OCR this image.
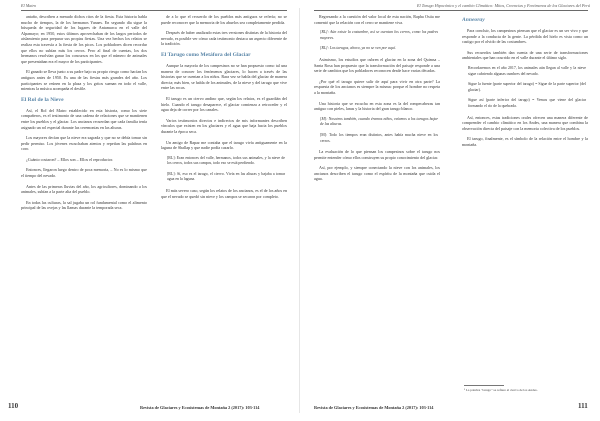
El Matro

antaño, describen a menudo dichos ritos de la fiesta. Esta historia habla mucho de tiempos, la de los hermanos Yanaes. En segundo día sigue la búsqueda de seguridad de los lugares de Antamarca en el valle del Alpamayo; en 1950, estos últimos aprovechaban de los largos periodos de aislamiento para preparar sus propias fiestas. Una vez hechos los relatos se realiza esta travesía a la fiesta de los picos. Los pobladores dicen recordar que ellos no subían más los cerros. Pero al final de cuentas, los dos hermanos resolvían ganar los concursos en los que el número de animales que presentaban era el mayor de los participantes.

El ganado se lleva junto a su padre bajo su propio riesgo como hacían los antiguos antes de 1950. Es una de las fiestas más grandes del año. Los participantes se reúnen en la plaza y los gritos suenan en todo el valle, mientras la música acompaña el desfile.

El Rol de la Nieve

Así, el Rol del Matro establecido en esta historia, como los siete compañeros, es el testimonio de una cadena de relaciones que se mantienen entre los pueblos y el glaciar. Los ancianos recuerdan que cada familia tenía asignado un rol especial durante las ceremonias en las alturas.

Los mayores decían que la nieve era sagrada y que no se debía tomar sin pedir permiso. Los jóvenes escuchaban atentos y repetían las palabras en coro.

¿Cuánto costaron? – Ellos son – Ellos el reproductor.

Entonces, llegaron luego dentro de poca memoria, – No es lo mismo que el tiempo del nevado.

Antes de las primeras lluvias del año, los agricultores, dominando a los animales, subían a la parte alta del pueblo.

En todas las culturas, la sal jugaba un rol fundamental como el alimento principal de las ovejas y las llamas durante la temporada seca.

de a lo que el recuerdo de los pueblos más antiguos se refería; no se puede reconocer que la memoria de los abuelos sea completamente perdida.

Después de haber analizado estas tres versiones distintas de la historia del nevado, es posible ver cómo cada testimonio destaca un aspecto diferente de la tradición.

El Tarugo como Metáfora del Glaciar

Aunque la mayoría de los campesinos no se han propuesto como tal una manera de conocer los fenómenos glaciares, lo hacen a través de las historias que se cuentan a los niños. Rara vez se habla del glaciar de manera directa; más bien, se habla de los animales, de la nieve y del tarugo que vive entre las rocas.

El tarugo es un ciervo andino que, según los relatos, es el guardián del hielo. Cuando el tarugo desaparece, el glaciar comienza a retroceder y el agua deja de correr por los canales.

Varios testimonios directos e indirectos de mis informantes describen vínculos que existen en los glaciares y el agua que baja hacia los pueblos durante la época seca.

Un amigo de Rapaz me contaba que el tarugo vivía antiguamente en la laguna de Shallap y que nadie podía cazarlo.

[RL]: Eran entonces del valle, hermanos, todos sus animales, y la nieve de los cerros, todos sus campos, todo eso se está perdiendo.

[RL]: Sí, eso es el tarugo, el ciervo. Vivía en las alturas y bajaba a tomar agua en la laguna.

El más severo caso, según los relatos de los ancianos, es el de los años en que el nevado se quedó sin nieve y los campos se secaron por completo.

110	Revista de Glaciares y Ecosistemas de Montaña 2 (2017): 103-114
El Tarugo Hipocónico y el cambio Climático: Mitos, Creencias y Fenómenos de los Glaciares del Perú

Regresando a la cuestión del valor local de esta nación, Rapha Ostia me comentó que la relación con el cerro se mantiene viva.

[RL]: Aún existe la costumbre, así se cuentan los cerros, como los padres mayores.

[RL]: Los tarugos, ahora, ya no se ven por aquí.

Asimismo, los estudios que cubren el glaciar en la zona del Quimsa – Santa Rosa han propuesto que la transformación del paisaje responde a una serie de cambios que los pobladores reconocen desde hace varias décadas.

¿Por qué el tarugo quiere salir de aquí para vivir en otra parte? La respuesta de los ancianos es siempre la misma: porque el hombre no respeta a la montaña.

Una historia que se escucha en esta zona es la del rompecabezas tan antiguo con pieles, lanas y la historia del gran tarugo blanco.

[M]: Nosotros también, cuando éramos niños, veíamos a los tarugos bajar de las alturas.

[M]: Todo los tiempos eran distintos, antes había mucha nieve en los cerros.

La evaluación de lo que piensan los campesinos sobre el tarugo nos permite entender cómo ellos construyen su propio conocimiento del glaciar.

Así, por ejemplo, y siempre conectando la nieve con los animales, los ancianos describen el tarugo como el espíritu de la montaña que cuida el agua.

Anneoray

Para concluir, los campesinos piensan que el glaciar es un ser vivo y que responde a la conducta de la gente. La pérdida del hielo es vista como un castigo por el olvido de las costumbres.

Sus recuerdos también dan cuenta de una serie de transformaciones ambientales que han ocurrido en el valle durante el último siglo.

Recordaremos en el año 2017, los animales aún llegan al valle y la nieve sigue cubriendo algunas cumbres del nevado.

Sigue la fuente (parte superior del tarugo) = Sigue de la parte superior (del glaciar).

Sigue así (parte inferior del tarugo) = Vemos que viene del glaciar formando el río de la quebrada.

Así, entonces, estas tradiciones orales ofrecen una manera diferente de comprender el cambio climático en los Andes, una manera que combina la observación directa del paisaje con la memoria colectiva de los pueblos.

El tarugo, finalmente, es el símbolo de la relación entre el hombre y la montaña.

¹ La palabra "tarugo" se refiere al ciervo de los Andes.
Revista de Glaciares y Ecosistemas de Montaña 2 (2017): 103-114	111
